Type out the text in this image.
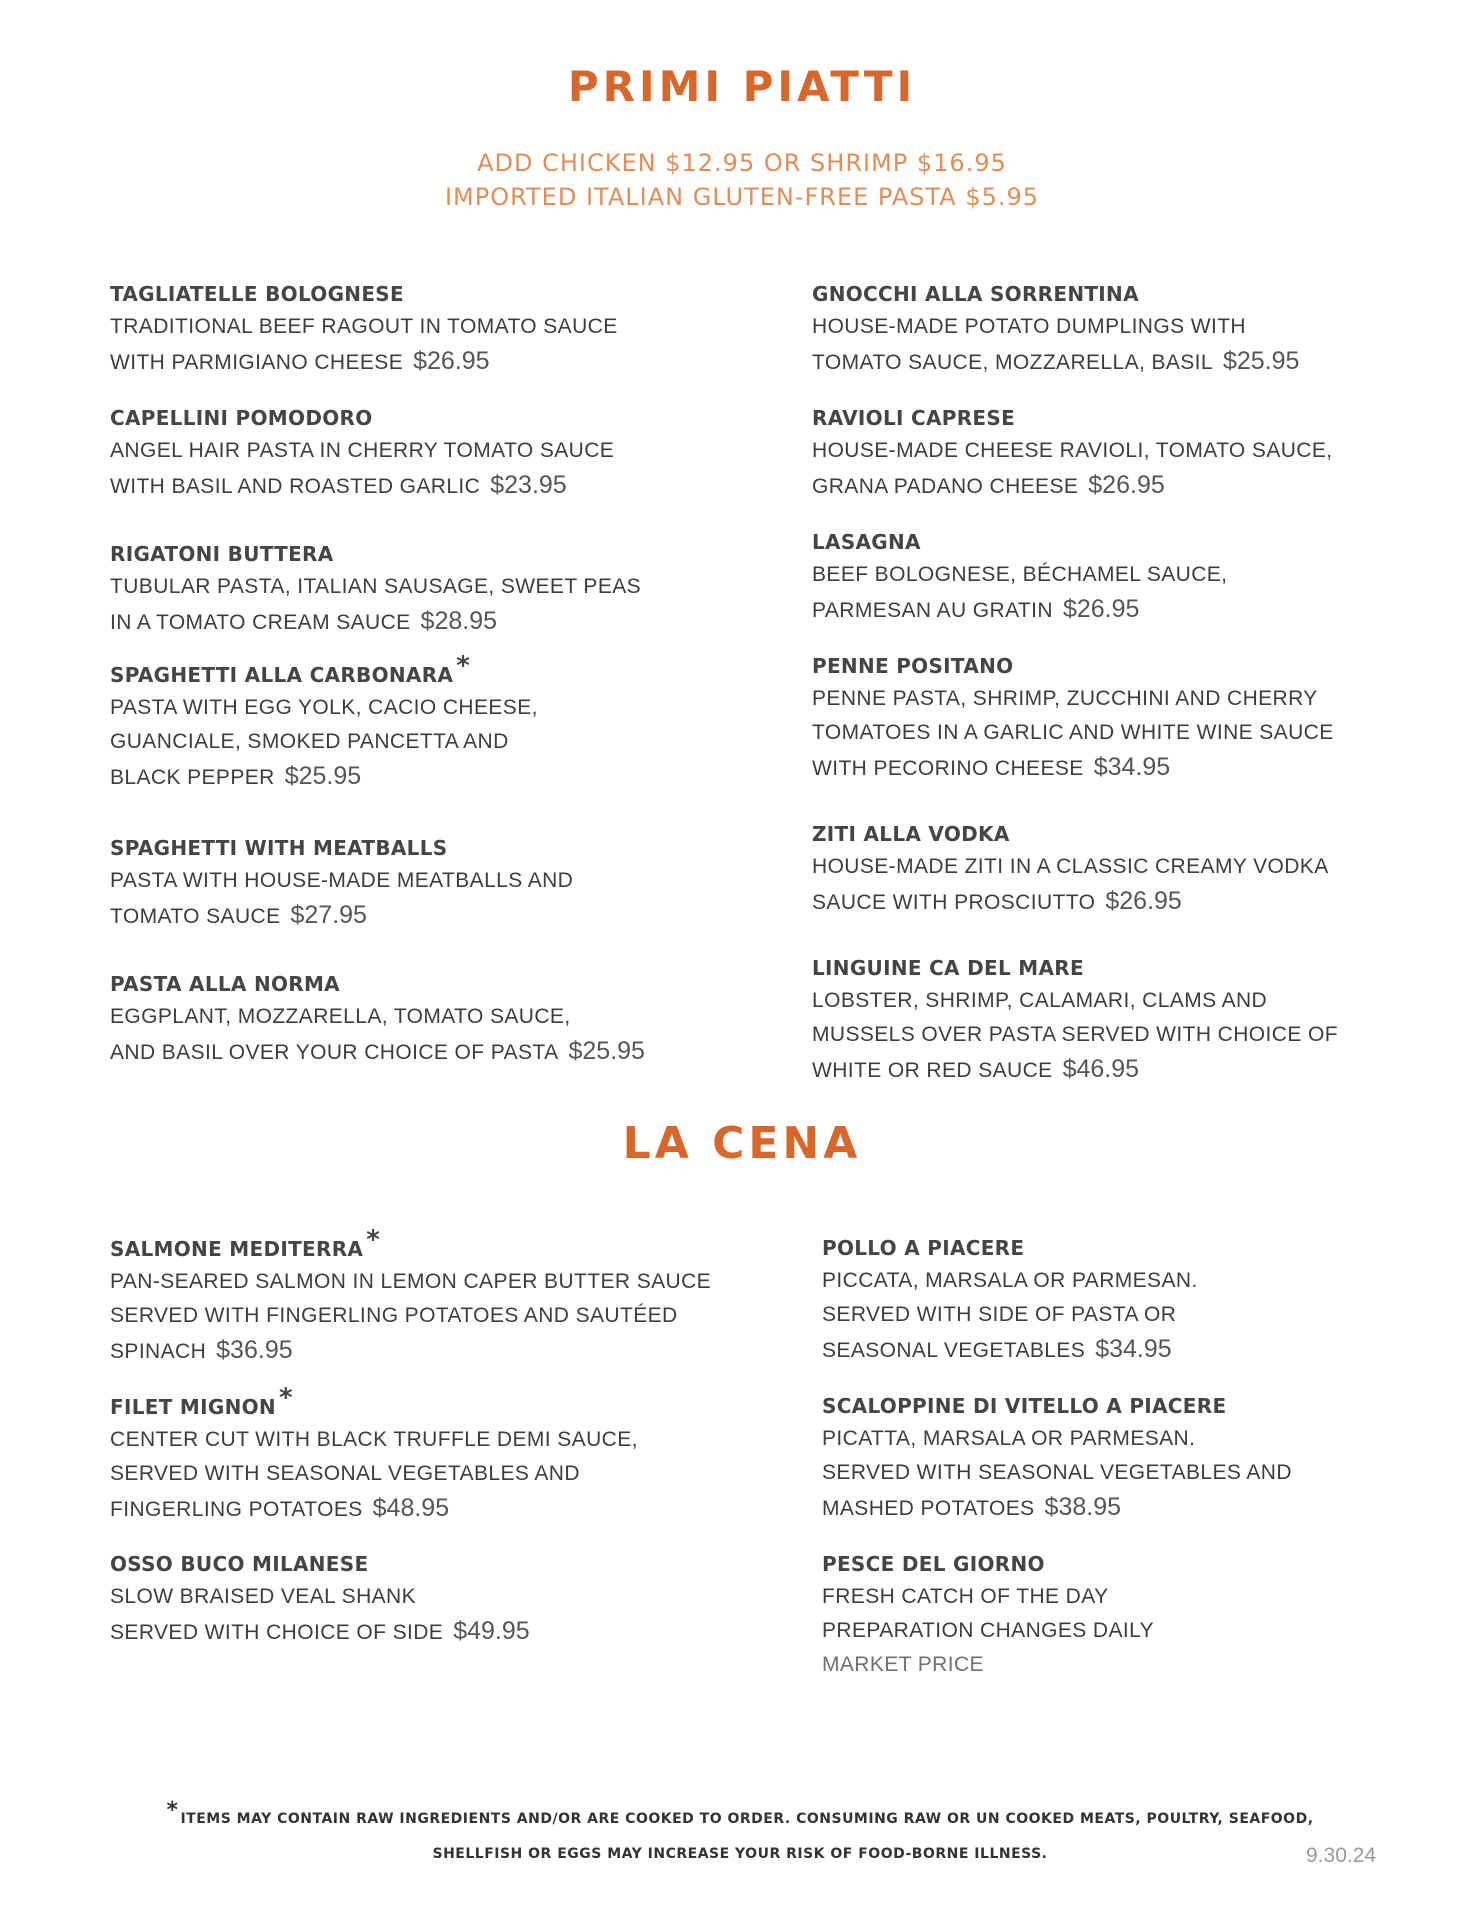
PRIMI PIATTI
ADD CHICKEN $12.95 OR SHRIMP $16.95
IMPORTED ITALIAN GLUTEN-FREE PASTA $5.95
TAGLIATELLE BOLOGNESE
TRADITIONAL BEEF RAGOUT IN TOMATO SAUCE
WITH PARMIGIANO CHEESE $26.95
CAPELLINI POMODORO
ANGEL HAIR PASTA IN CHERRY TOMATO SAUCE
WITH BASIL AND ROASTED GARLIC $23.95
RIGATONI BUTTERA
TUBULAR PASTA, ITALIAN SAUSAGE, SWEET PEAS
IN A TOMATO CREAM SAUCE $28.95
SPAGHETTI ALLA CARBONARA *
PASTA WITH EGG YOLK, CACIO CHEESE,
GUANCIALE, SMOKED PANCETTA AND
BLACK PEPPER $25.95
SPAGHETTI WITH MEATBALLS
PASTA WITH HOUSE-MADE MEATBALLS AND
TOMATO SAUCE $27.95
PASTA ALLA NORMA
EGGPLANT, MOZZARELLA, TOMATO SAUCE,
AND BASIL OVER YOUR CHOICE OF PASTA $25.95
GNOCCHI ALLA SORRENTINA
HOUSE-MADE POTATO DUMPLINGS WITH
TOMATO SAUCE, MOZZARELLA, BASIL $25.95
RAVIOLI CAPRESE
HOUSE-MADE CHEESE RAVIOLI, TOMATO SAUCE,
GRANA PADANO CHEESE $26.95
LASAGNA
BEEF BOLOGNESE, BÉCHAMEL SAUCE,
PARMESAN AU GRATIN $26.95
PENNE POSITANO
PENNE PASTA, SHRIMP, ZUCCHINI AND CHERRY
TOMATOES IN A GARLIC AND WHITE WINE SAUCE
WITH PECORINO CHEESE $34.95
ZITI ALLA VODKA
HOUSE-MADE ZITI IN A CLASSIC CREAMY VODKA
SAUCE WITH PROSCIUTTO $26.95
LINGUINE CA DEL MARE
LOBSTER, SHRIMP, CALAMARI, CLAMS AND
MUSSELS OVER PASTA SERVED WITH CHOICE OF
WHITE OR RED SAUCE $46.95
LA CENA
SALMONE MEDITERRA *
PAN-SEARED SALMON IN LEMON CAPER BUTTER SAUCE
SERVED WITH FINGERLING POTATOES AND SAUTÉED
SPINACH $36.95
FILET MIGNON *
CENTER CUT WITH BLACK TRUFFLE DEMI SAUCE,
SERVED WITH SEASONAL VEGETABLES AND
FINGERLING POTATOES $48.95
OSSO BUCO MILANESE
SLOW BRAISED VEAL SHANK
SERVED WITH CHOICE OF SIDE $49.95
POLLO A PIACERE
PICCATA, MARSALA OR PARMESAN.
SERVED WITH SIDE OF PASTA OR
SEASONAL VEGETABLES $34.95
SCALOPPINE DI VITELLO A PIACERE
PICATTA, MARSALA OR PARMESAN.
SERVED WITH SEASONAL VEGETABLES AND
MASHED POTATOES $38.95
PESCE DEL GIORNO
FRESH CATCH OF THE DAY
PREPARATION CHANGES DAILY
MARKET PRICE
* ITEMS MAY CONTAIN RAW INGREDIENTS AND/OR ARE COOKED TO ORDER. CONSUMING RAW OR UN COOKED MEATS, POULTRY, SEAFOOD,
SHELLFISH OR EGGS MAY INCREASE YOUR RISK OF FOOD-BORNE ILLNESS.	9.30.24
